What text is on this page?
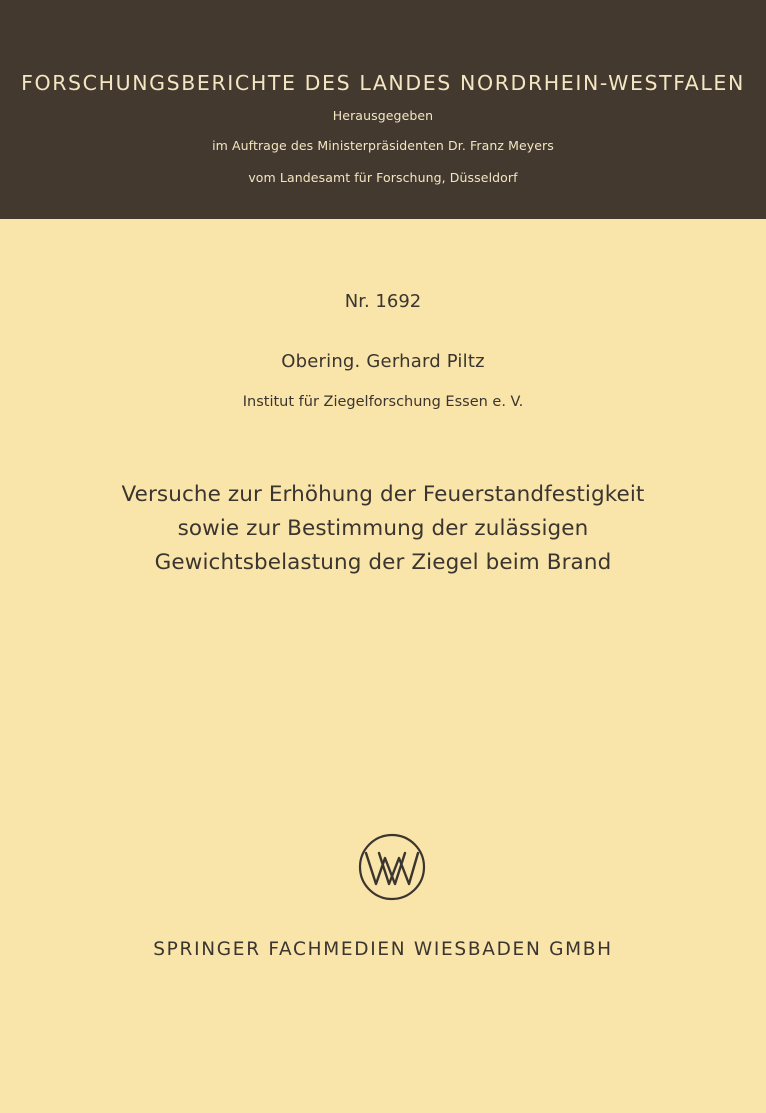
FORSCHUNGSBERICHTE DES LANDES NORDRHEIN-WESTFALEN
Herausgegeben
im Auftrage des Ministerpräsidenten Dr. Franz Meyers
vom Landesamt für Forschung, Düsseldorf
Nr. 1692
Obering. Gerhard Piltz
Institut für Ziegelforschung Essen e. V.
Versuche zur Erhöhung der Feuerstandfestigkeit
sowie zur Bestimmung der zulässigen
Gewichtsbelastung der Ziegel beim Brand
SPRINGER FACHMEDIEN WIESBADEN GMBH
